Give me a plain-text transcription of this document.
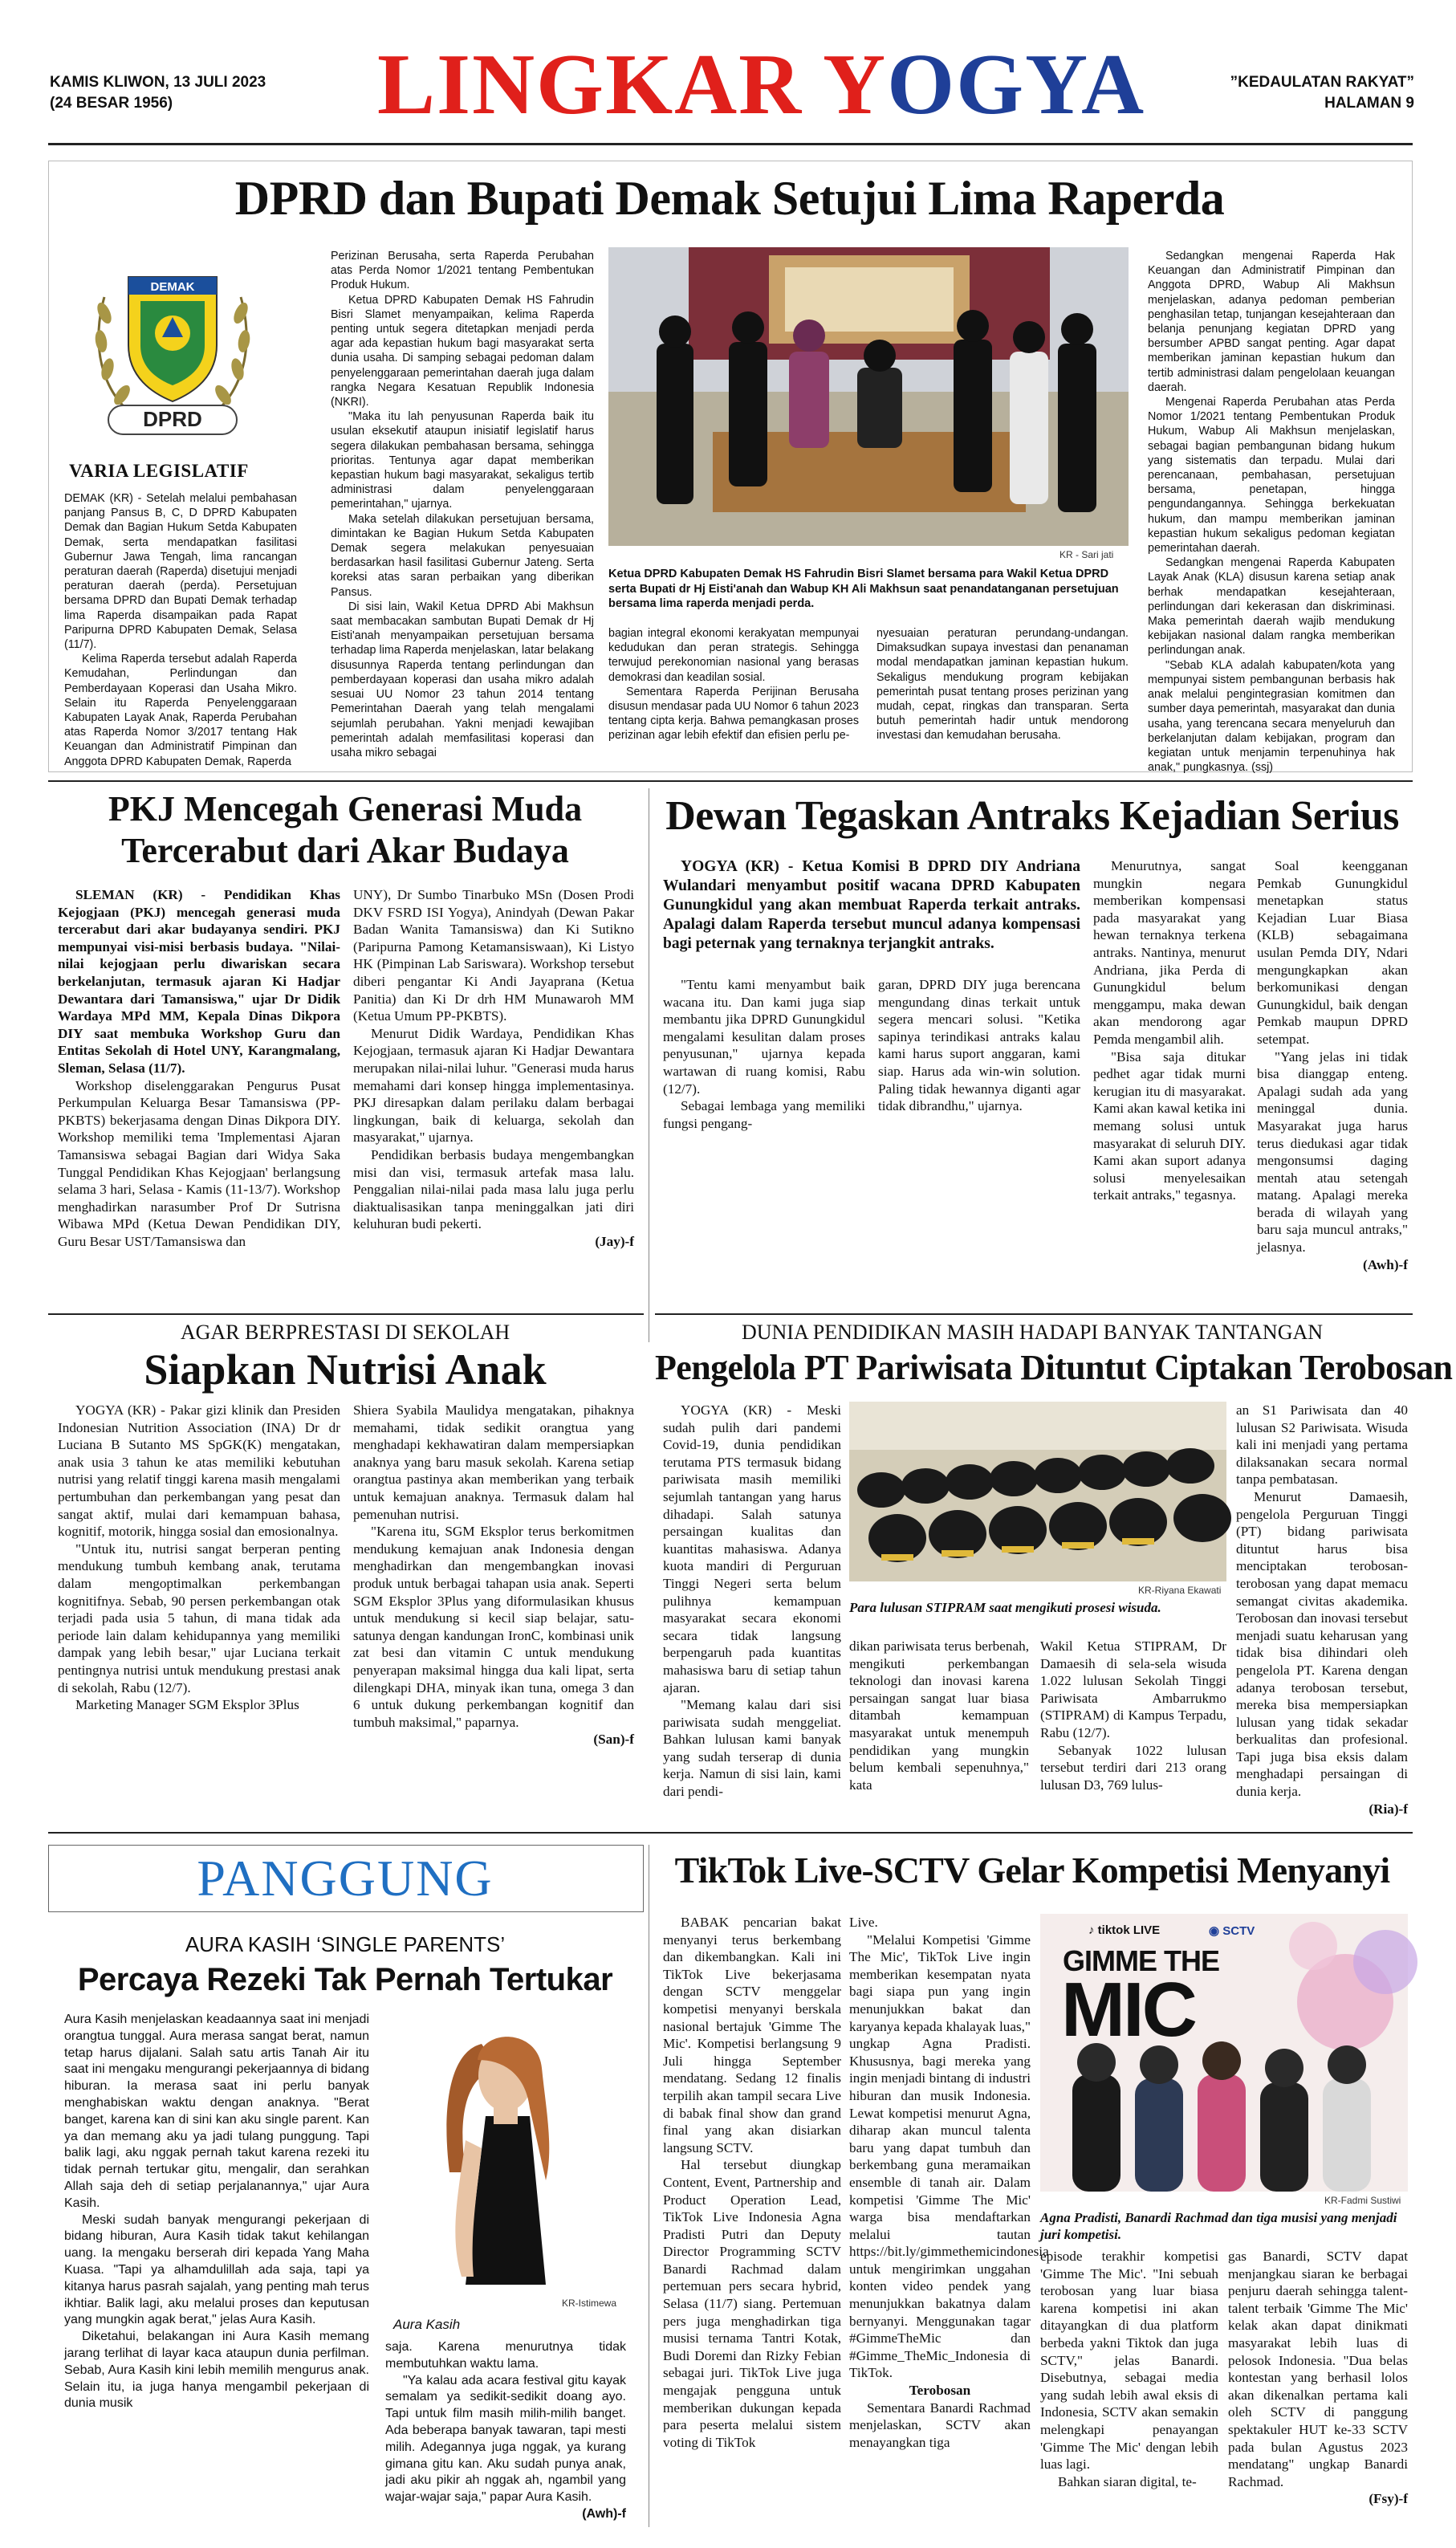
KAMIS KLIWON, 13 JULI 2023
(24 BESAR 1956) LINGKAR YOGYA	”KEDAULATAN RAKYAT”
HALAMAN 9
DPRD dan Bupati Demak Setujui Lima Raperda
DEMAK
DPRD
VARIA LEGISLATIF

DEMAK (KR) - Setelah melalui pembahasan panjang Pansus B, C, D DPRD Kabupaten Demak dan Bagian Hukum Setda Kabupaten Demak, serta mendapatkan fasilitasi Gubernur Jawa Tengah, lima rancangan peraturan daerah (Raperda) disetujui menjadi peraturan daerah (perda). Persetujuan bersama DPRD dan Bupati Demak terhadap lima Raperda disampaikan pada Rapat Paripurna DPRD Kabupaten Demak, Selasa (11/7).

Kelima Raperda tersebut adalah Raperda Kemudahan, Perlindungan dan Pemberdayaan Koperasi dan Usaha Mikro. Selain itu Raperda Penyelenggaraan Kabupaten Layak Anak, Raperda Perubahan atas Raperda Nomor 3/2017 tentang Hak Keuangan dan Administratif Pimpinan dan Anggota DPRD Kabupaten Demak, Raperda

Perizinan Berusaha, serta Raperda Perubahan atas Perda Nomor 1/2021 tentang Pembentukan Produk Hukum.

Ketua DPRD Kabupaten Demak HS Fahrudin Bisri Slamet menyampaikan, kelima Raperda penting untuk segera ditetapkan menjadi perda agar ada kepastian hukum bagi masyarakat serta dunia usaha. Di samping sebagai pedoman dalam penyelenggaraan pemerintahan daerah juga dalam rangka Negara Kesatuan Republik Indonesia (NKRI).

"Maka itu lah penyusunan Raperda baik itu usulan eksekutif ataupun inisiatif legislatif harus segera dilakukan pembahasan bersama, sehingga prioritas. Tentunya agar dapat memberikan kepastian hukum bagi masyarakat, sekaligus tertib administrasi dalam penyelenggaraan pemerintahan," ujarnya.

Maka setelah dilakukan persetujuan bersama, dimintakan ke Bagian Hukum Setda Kabupaten Demak segera melakukan penyesuaian berdasarkan hasil fasilitasi Gubernur Jateng. Serta koreksi atas saran perbaikan yang diberikan Pansus.

Di sisi lain, Wakil Ketua DPRD Abi Makhsun saat membacakan sambutan Bupati Demak dr Hj Eisti'anah menyampaikan persetujuan bersama terhadap lima Raperda menjelaskan, latar belakang disusunnya Raperda tentang perlindungan dan pemberdayaan koperasi dan usaha mikro adalah sesuai UU Nomor 23 tahun 2014 tentang Pemerintahan Daerah yang telah mengalami sejumlah perubahan. Yakni menjadi kewajiban pemerintah adalah memfasilitasi koperasi dan usaha mikro sebagai

KR - Sari jati
Ketua DPRD Kabupaten Demak HS Fahrudin Bisri Slamet bersama para Wakil Ketua DPRD serta Bupati dr Hj Eisti'anah dan Wabup KH Ali Makhsun saat penandatanganan persetujuan bersama lima raperda menjadi perda.

bagian integral ekonomi kerakyatan mempunyai kedudukan dan peran strategis. Sehingga terwujud perekonomian nasional yang berasas demokrasi dan keadilan sosial.

Sementara Raperda Perijinan Berusaha disusun mendasar pada UU Nomor 6 tahun 2023 tentang cipta kerja. Bahwa pemangkasan proses perizinan agar lebih efektif dan efisien perlu pe-

nyesuaian peraturan perundang-undangan. Dimaksudkan supaya investasi dan penanaman modal mendapatkan jaminan kepastian hukum. Sekaligus mendukung program kebijakan pemerintah pusat tentang proses perizinan yang mudah, cepat, ringkas dan transparan. Serta butuh pemerintah hadir untuk mendorong investasi dan kemudahan berusaha.

Sedangkan mengenai Raperda Hak Keuangan dan Administratif Pimpinan dan Anggota DPRD, Wabup Ali Makhsun menjelaskan, adanya pedoman pemberian penghasilan tetap, tunjangan kesejahteraan dan belanja penunjang kegiatan DPRD yang bersumber APBD sangat penting. Agar dapat memberikan jaminan kepastian hukum dan tertib administrasi dalam pengelolaan keuangan daerah.

Mengenai Raperda Perubahan atas Perda Nomor 1/2021 tentang Pembentukan Produk Hukum, Wabup Ali Makhsun menjelaskan, sebagai bagian pembangunan bidang hukum yang sistematis dan terpadu. Mulai dari perencanaan, pembahasan, persetujuan bersama, penetapan, hingga pengundangannya. Sehingga berkekuatan hukum, dan mampu memberikan jaminan kepastian hukum sekaligus pedoman kegiatan pemerintahan daerah.

Sedangkan mengenai Raperda Kabupaten Layak Anak (KLA) disusun karena setiap anak berhak mendapatkan kesejahteraan, perlindungan dari kekerasan dan diskriminasi. Maka pemerintah daerah wajib mendukung kebijakan nasional dalam rangka memberikan perlindungan anak.

"Sebab KLA adalah kabupaten/kota yang mempunyai sistem pembangunan berbasis hak anak melalui pengintegrasian komitmen dan sumber daya pemerintah, masyarakat dan dunia usaha, yang terencana secara menyeluruh dan berkelanjutan dalam kebijakan, program dan kegiatan untuk menjamin terpenuhinya hak anak," pungkasnya. (ssj)

PKJ Mencegah Generasi Muda
Tercerabut dari Akar Budaya

SLEMAN (KR) - Pendidikan Khas Kejogjaan (PKJ) mencegah generasi muda tercerabut dari akar budayanya sendiri. PKJ mempunyai visi-misi berbasis budaya. "Nilai-nilai kejogjaan perlu diwariskan secara berkelanjutan, termasuk ajaran Ki Hadjar Dewantara dari Tamansiswa," ujar Dr Didik Wardaya MPd MM, Kepala Dinas Dikpora DIY saat membuka Workshop Guru dan Entitas Sekolah di Hotel UNY, Karangmalang, Sleman, Selasa (11/7).

Workshop diselenggarakan Pengurus Pusat Perkumpulan Keluarga Besar Tamansiswa (PP-PKBTS) bekerjasama dengan Dinas Dikpora DIY. Workshop memiliki tema 'Implementasi Ajaran Tamansiswa sebagai Bagian dari Widya Saka Tunggal Pendidikan Khas Kejogjaan' berlangsung selama 3 hari, Selasa - Kamis (11-13/7). Workshop menghadirkan narasumber Prof Dr Sutrisna Wibawa MPd (Ketua Dewan Pendidikan DIY, Guru Besar UST/Tamansiswa dan

UNY), Dr Sumbo Tinarbuko MSn (Dosen Prodi DKV FSRD ISI Yogya), Anindyah (Dewan Pakar Badan Wanita Tamansiswa) dan Ki Sutikno (Paripurna Pamong Ketamansiswaan), Ki Listyo HK (Pimpinan Lab Sariswara). Workshop tersebut diberi pengantar Ki Andi Jayaprana (Ketua Panitia) dan Ki Dr drh HM Munawaroh MM (Ketua Umum PP-PKBTS).

Menurut Didik Wardaya, Pendidikan Khas Kejogjaan, termasuk ajaran Ki Hadjar Dewantara merupakan nilai-nilai luhur. "Generasi muda harus memahami dari konsep hingga implementasinya. PKJ diresapkan dalam perilaku dalam berbagai lingkungan, baik di keluarga, sekolah dan masyarakat," ujarnya.

Pendidikan berbasis budaya mengembangkan misi dan visi, termasuk artefak masa lalu. Penggalian nilai-nilai pada masa lalu juga perlu diaktualisasikan tanpa meninggalkan jati diri keluhuran budi pekerti.

(Jay)-f
Dewan Tegaskan Antraks Kejadian Serius

YOGYA (KR) - Ketua Komisi B DPRD DIY Andriana Wulandari menyambut positif wacana DPRD Kabupaten Gunungkidul yang akan membuat Raperda terkait antraks. Apalagi dalam Raperda tersebut muncul adanya kompensasi bagi peternak yang ternaknya terjangkit antraks.

"Tentu kami menyambut baik wacana itu. Dan kami juga siap membantu jika DPRD Gunungkidul mengalami kesulitan dalam proses penyusunan," ujarnya kepada wartawan di ruang komisi, Rabu (12/7).

Sebagai lembaga yang memiliki fungsi pengang-

garan, DPRD DIY juga berencana mengundang dinas terkait untuk segera mencari solusi. "Ketika sapinya terindikasi antraks kalau kami harus suport anggaran, kami siap. Harus ada win-win solution. Paling tidak hewannya diganti agar tidak dibrandhu," ujarnya.

Menurutnya, sangat mungkin negara memberikan kompensasi pada masyarakat yang hewan ternaknya terkena antraks. Nantinya, menurut Andriana, jika Perda di Gunungkidul belum menggampu, maka dewan akan mendorong agar Pemda mengambil alih.

"Bisa saja ditukar pedhet agar tidak murni kerugian itu di masyarakat. Kami akan kawal ketika ini memang solusi untuk masyarakat di seluruh DIY. Kami akan suport adanya solusi menyelesaikan terkait antraks," tegasnya.

Soal keengganan Pemkab Gunungkidul menetapkan status Kejadian Luar Biasa (KLB) sebagaimana usulan Pemda DIY, Ndari mengungkapkan akan berkomunikasi dengan Gunungkidul, baik dengan Pemkab maupun DPRD setempat.

"Yang jelas ini tidak bisa dianggap enteng. Apalagi sudah ada yang meninggal dunia. Masyarakat juga harus terus diedukasi agar tidak mengonsumsi daging mentah atau setengah matang. Apalagi mereka berada di wilayah yang baru saja muncul antraks," jelasnya.

(Awh)-f
AGAR BERPRESTASI DI SEKOLAH
Siapkan Nutrisi Anak

YOGYA (KR) - Pakar gizi klinik dan Presiden Indonesian Nutrition Association (INA) Dr dr Luciana B Sutanto MS SpGK(K) mengatakan, anak usia 3 tahun ke atas memiliki kebutuhan nutrisi yang relatif tinggi karena masih mengalami pertumbuhan dan perkembangan yang pesat dan sangat aktif, mulai dari kemampuan bahasa, kognitif, motorik, hingga sosial dan emosionalnya.

"Untuk itu, nutrisi sangat berperan penting mendukung tumbuh kembang anak, terutama dalam mengoptimalkan perkembangan kognitifnya. Sebab, 90 persen perkembangan otak terjadi pada usia 5 tahun, di mana tidak ada periode lain dalam kehidupannya yang memiliki dampak yang lebih besar," ujar Luciana terkait pentingnya nutrisi untuk mendukung prestasi anak di sekolah, Rabu (12/7).

Marketing Manager SGM Eksplor 3Plus

Shiera Syabila Maulidya mengatakan, pihaknya memahami, tidak sedikit orangtua yang menghadapi kekhawatiran dalam mempersiapkan anaknya yang baru masuk sekolah. Karena setiap orangtua pastinya akan memberikan yang terbaik untuk kemajuan anaknya. Termasuk dalam hal pemenuhan nutrisi.

"Karena itu, SGM Eksplor terus berkomitmen mendukung kemajuan anak Indonesia dengan menghadirkan dan mengembangkan inovasi produk untuk berbagai tahapan usia anak. Seperti SGM Eksplor 3Plus yang diformulasikan khusus untuk mendukung si kecil siap belajar, satu-satunya dengan kandungan IronC, kombinasi unik zat besi dan vitamin C untuk mendukung penyerapan maksimal hingga dua kali lipat, serta dilengkapi DHA, minyak ikan tuna, omega 3 dan 6 untuk dukung perkembangan kognitif dan tumbuh maksimal," paparnya.

(San)-f
DUNIA PENDIDIKAN MASIH HADAPI BANYAK TANTANGAN
Pengelola PT Pariwisata Dituntut Ciptakan Terobosan

YOGYA (KR) - Meski sudah pulih dari pandemi Covid-19, dunia pendidikan terutama PTS termasuk bidang pariwisata masih memiliki sejumlah tantangan yang harus dihadapi. Salah satunya persaingan kualitas dan kuantitas mahasiswa. Adanya kuota mandiri di Perguruan Tinggi Negeri serta belum pulihnya kemampuan masyarakat secara ekonomi secara tidak langsung berpengaruh pada kuantitas mahasiswa baru di setiap tahun ajaran.

"Memang kalau dari sisi pariwisata sudah menggeliat. Bahkan lulusan kami banyak yang sudah terserap di dunia kerja. Namun di sisi lain, kami dari pendi-

KR-Riyana Ekawati
Para lulusan STIPRAM saat mengikuti prosesi wisuda.

dikan pariwisata terus berbenah, mengikuti perkembangan teknologi dan inovasi karena persaingan sangat luar biasa ditambah kemampuan masyarakat untuk menempuh pendidikan yang mungkin belum kembali sepenuhnya," kata

Wakil Ketua STIPRAM, Dr Damaesih di sela-sela wisuda 1.022 lulusan Sekolah Tinggi Pariwisata Ambarrukmo (STIPRAM) di Kampus Terpadu, Rabu (12/7).

Sebanyak 1022 lulusan tersebut terdiri dari 213 orang lulusan D3, 769 lulus-

an S1 Pariwisata dan 40 lulusan S2 Pariwisata. Wisuda kali ini menjadi yang pertama dilaksanakan secara normal tanpa pembatasan.

Menurut Damaesih, pengelola Perguruan Tinggi (PT) bidang pariwisata dituntut harus bisa menciptakan terobosan-terobosan yang dapat memacu semangat civitas akademika. Terobosan dan inovasi tersebut menjadi suatu keharusan yang tidak bisa dihindari oleh pengelola PT. Karena dengan adanya terobosan tersebut, mereka bisa mempersiapkan lulusan yang tidak sekadar berkualitas dan profesional. Tapi juga bisa eksis dalam menghadapi persaingan di dunia kerja.

(Ria)-f
PANGGUNG
AURA KASIH ‘SINGLE PARENTS’
Percaya Rezeki Tak Pernah Tertukar

Aura Kasih menjelaskan keadaannya saat ini menjadi orangtua tunggal. Aura merasa sangat berat, namun tetap harus dijalani. Salah satu artis Tanah Air itu saat ini mengaku mengurangi pekerjaannya di bidang hiburan. Ia merasa saat ini perlu banyak menghabiskan waktu dengan anaknya. "Berat banget, karena kan di sini kan aku single parent. Kan ya dan memang aku ya jadi tulang punggung. Tapi balik lagi, aku nggak pernah takut karena rezeki itu tidak pernah tertukar gitu, mengalir, dan serahkan Allah saja deh di setiap perjalanannya," ujar Aura Kasih.

Meski sudah banyak mengurangi pekerjaan di bidang hiburan, Aura Kasih tidak takut kehilangan uang. Ia mengaku berserah diri kepada Yang Maha Kuasa. "Tapi ya alhamdulillah ada saja, tapi ya kitanya harus pasrah sajalah, yang penting mah terus ikhtiar. Balik lagi, aku melalui proses dan keputusan yang mungkin agak berat," jelas Aura Kasih.

Diketahui, belakangan ini Aura Kasih memang jarang terlihat di layar kaca ataupun dunia perfilman. Sebab, Aura Kasih kini lebih memilih mengurus anak. Selain itu, ia juga hanya mengambil pekerjaan di dunia musik

KR-Istimewa
Aura Kasih

saja. Karena menurutnya tidak membutuhkan waktu lama.

"Ya kalau ada acara festival gitu kayak semalam ya sedikit-sedikit doang ayo. Tapi untuk film masih milih-milih banget. Ada beberapa banyak tawaran, tapi mesti milih. Adegannya juga nggak, ya kurang gimana gitu kan. Aku sudah punya anak, jadi aku pikir ah nggak ah, ngambil yang wajar-wajar saja," papar Aura Kasih.

(Awh)-f
TikTok Live-SCTV Gelar Kompetisi Menyanyi

BABAK pencarian bakat menyanyi terus berkembang dan dikembangkan. Kali ini TikTok Live bekerjasama dengan SCTV menggelar kompetisi menyanyi berskala nasional bertajuk 'Gimme The Mic'. Kompetisi berlangsung 9 Juli hingga September mendatang. Sedang 12 finalis terpilih akan tampil secara Live di babak final show dan grand final yang akan disiarkan langsung SCTV.

Hal tersebut diungkap Content, Event, Partnership and Product Operation Lead, TikTok Live Indonesia Agna Pradisti Putri dan Deputy Director Programming SCTV Banardi Rachmad dalam pertemuan pers secara hybrid, Selasa (11/7) siang. Pertemuan pers juga menghadirkan tiga musisi ternama Tantri Kotak, Budi Doremi dan Rizky Febian sebagai juri. TikTok Live juga mengajak pengguna untuk memberikan dukungan kepada para peserta melalui sistem voting di TikTok

Live.

"Melalui Kompetisi 'Gimme The Mic', TikTok Live ingin memberikan kesempatan nyata bagi siapa pun yang ingin menunjukkan bakat dan karyanya kepada khalayak luas," ungkap Agna Pradisti. Khususnya, bagi mereka yang ingin menjadi bintang di industri hiburan dan musik Indonesia. Lewat kompetisi menurut Agna, diharap akan muncul talenta baru yang dapat tumbuh dan berkembang guna meramaikan ensemble di tanah air. Dalam kompetisi 'Gimme The Mic' warga bisa mendaftarkan melalui tautan https://bit.ly/gimmethemicindonesia untuk mengirimkan unggahan konten video pendek yang menunjukkan bakatnya dalam bernyanyi. Menggunakan tagar #GimmeTheMic dan #Gimme_TheMic_Indonesia di TikTok.

Terobosan

Sementara Banardi Rachmad menjelaskan, SCTV akan menayangkan tiga

♪ tiktok LIVE	◉ SCTV
GIMME THE
MIC
KR-Fadmi Sustiwi
Agna Pradisti, Banardi Rachmad dan tiga musisi yang menjadi juri kompetisi.

episode terakhir kompetisi 'Gimme The Mic'. "Ini sebuah terobosan yang luar biasa karena kompetisi ini akan ditayangkan di dua platform berbeda yakni Tiktok dan juga SCTV," jelas Banardi. Disebutnya, sebagai media yang sudah lebih awal eksis di Indonesia, SCTV akan semakin melengkapi penayangan 'Gimme The Mic' dengan lebih luas lagi.

Bahkan siaran digital, te-

gas Banardi, SCTV dapat menjangkau siaran ke berbagai penjuru daerah sehingga talent-talent terbaik 'Gimme The Mic' kelak akan dapat dinikmati masyarakat lebih luas di pelosok Indonesia. "Dua belas kontestan yang berhasil lolos akan dikenalkan pertama kali oleh SCTV di panggung spektakuler HUT ke-33 SCTV pada bulan Agustus 2023 mendatang" ungkap Banardi Rachmad.

(Fsy)-f
